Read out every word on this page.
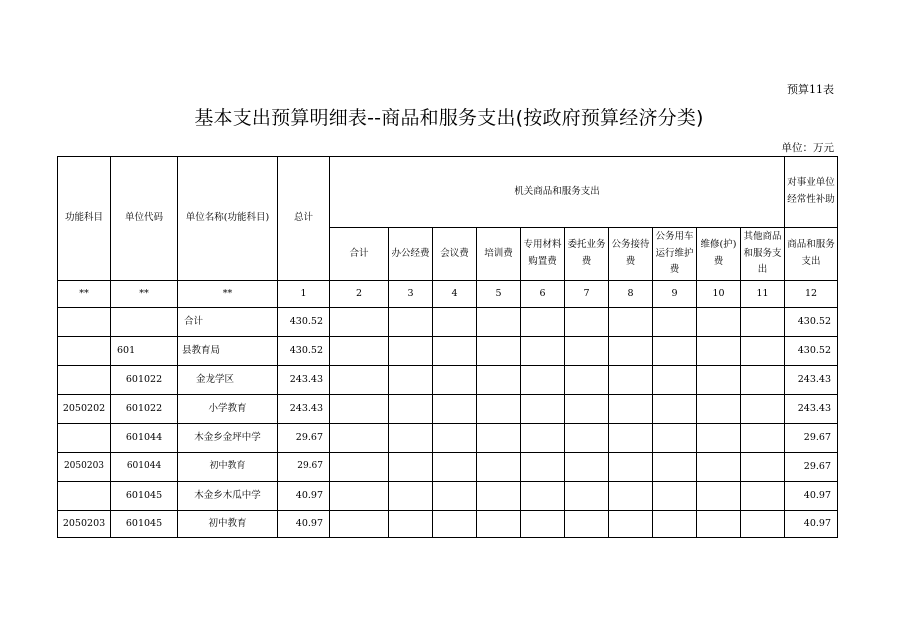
预算11表
基本支出预算明细表--商品和服务支出(按政府预算经济分类)
单位：万元
功能科目	单位代码	单位名称(功能科目)	总计	机关商品和服务支出										对事业单位经常性补助
				合计	办公经费	会议费	培训费	专用材料购置费	委托业务费	公务接待费	公务用车运行维护费	维修(护)费	其他商品和服务支出	商品和服务支出
**	**	**	1	2	3	4	5	6	7	8	9	10	11	12
		合计	430.52											430.52
	601	县教育局	430.52											430.52
	601022	金龙学区	243.43											243.43
2050202	601022	小学教育	243.43											243.43
	601044	木金乡金坪中学	29.67											29.67
2050203	601044	初中教育	29.67											29.67
	601045	木金乡木瓜中学	40.97											40.97
2050203	601045	初中教育	40.97											40.97
